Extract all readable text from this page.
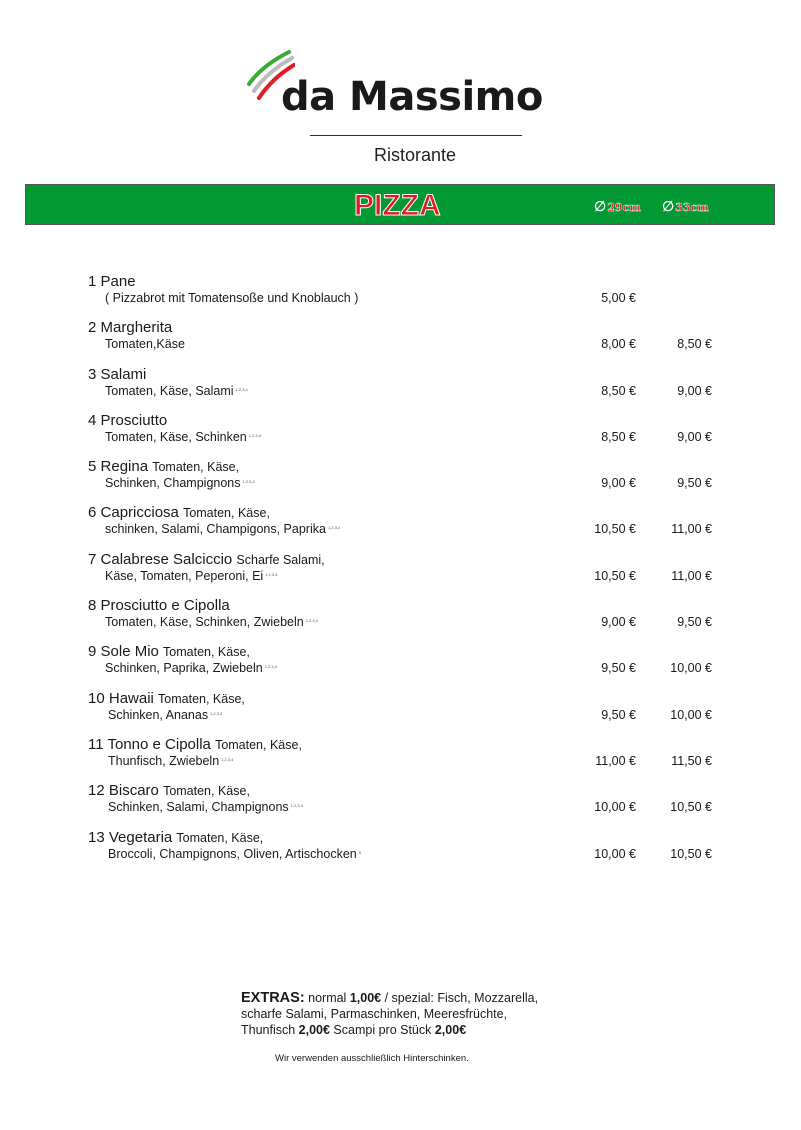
da Massimo
Ristorante
PIZZA	∅29cm ∅33cm
1 Pane
( Pizzabrot mit Tomatensoße und Knoblauch )	5,00 €
2 Margherita
Tomaten,Käse	8,00 €	8,50 €
3 Salami
Tomaten, Käse, Salami $^{1,2,3,4}$	8,50 €	9,00 €
4 Prosciutto
Tomaten, Käse, Schinken $^{1,2,3,4}$	8,50 €	9,00 €
5 Regina Tomaten, Käse,
Schinken, Champignons $^{1,2,3,4}$	9,00 €	9,50 €
6 Capricciosa Tomaten, Käse,
schinken, Salami, Champigons, Paprika $^{1,2,3,4}$	10,50 €	11,00 €
7 Calabrese Salciccio Scharfe Salami,
Käse, Tomaten, Peperoni, Ei $^{1,2,3,4}$	10,50 €	11,00 €
8 Prosciutto e Cipolla
Tomaten, Käse, Schinken, Zwiebeln $^{1,2,3,4}$	9,00 €	9,50 €
9 Sole Mio Tomaten, Käse,
Schinken, Paprika, Zwiebeln $^{1,2,3,4}$	9,50 €	10,00 €
10 Hawaii Tomaten, Käse,
Schinken, Ananas $^{1,2,3,4}$	9,50 €	10,00 €
11 Tonno e Cipolla Tomaten, Käse,
Thunfisch, Zwiebeln $^{1,2,3,4}$	11,00 €	11,50 €
12 Biscaro Tomaten, Käse,
Schinken, Salami, Champignons $^{1,2,3,4}$	10,00 €	10,50 €
13 Vegetaria Tomaten, Käse,
Broccoli, Champignons, Oliven, Artischocken $^5$	10,00 €	10,50 €
EXTRAS: normal 1,00€ / spezial: Fisch, Mozzarella,
scharfe Salami, Parmaschinken, Meeresfrüchte,
Thunfisch 2,00€ Scampi pro Stück 2,00€
Wir verwenden ausschließlich Hinterschinken.
